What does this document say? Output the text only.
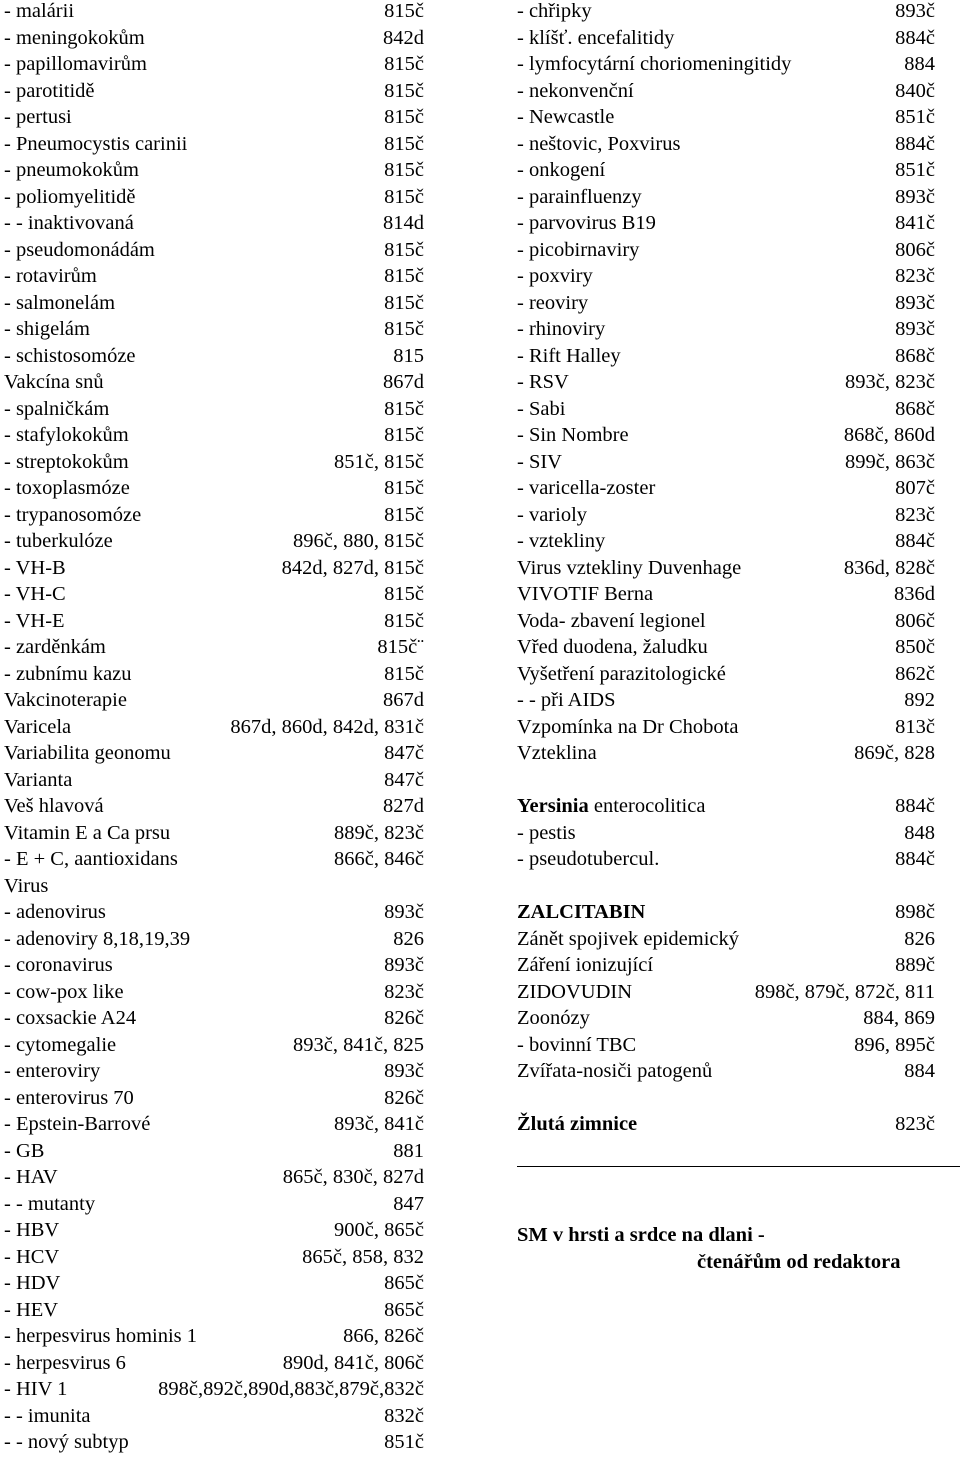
- malárii	815č
- meningokokům	842d
- papillomavirům	815č
- parotitidě	815č
- pertusi	815č
- Pneumocystis carinii	815č
- pneumokokům	815č
- poliomyelitidě	815č
- - inaktivovaná	814d
- pseudomonádám	815č
- rotavirům	815č
- salmonelám	815č
- shigelám	815č
- schistosomóze	815
Vakcína snů	867d
- spalničkám	815č
- stafylokokům	815č
- streptokokům	851č, 815č
- toxoplasmóze	815č
- trypanosomóze	815č
- tuberkulóze	896č, 880, 815č
- VH-B	842d, 827d, 815č
- VH-C	815č
- VH-E	815č
- zarděnkám	815č¨
- zubnímu kazu	815č
Vakcinoterapie	867d
Varicela	867d, 860d, 842d, 831č
Variabilita geonomu	847č
Varianta	847č
Veš hlavová	827d
Vitamin E a Ca prsu	889č, 823č
- E + C, aantioxidans	866č, 846č
Virus
- adenovirus	893č
- adenoviry 8,18,19,39	826
- coronavirus	893č
- cow-pox like	823č
- coxsackie A24	826č
- cytomegalie	893č, 841č, 825
- enteroviry	893č
- enterovirus 70	826č
- Epstein-Barrové	893č, 841č
- GB	881
- HAV	865č, 830č, 827d
- - mutanty	847
- HBV	900č, 865č
- HCV	865č, 858, 832
- HDV	865č
- HEV	865č
- herpesvirus hominis 1	866, 826č
- herpesvirus 6	890d, 841č, 806č
- HIV 1	898č,892č,890d,883č,879č,832č
- - imunita	832č
- - nový subtyp	851č
- chřipky	893č
- klíšť. encefalitidy	884č
- lymfocytární choriomeningitidy	884
- nekonvenční	840č
- Newcastle	851č
- neštovic, Poxvirus	884č
- onkogení	851č
- parainfluenzy	893č
- parvovirus B19	841č
- picobirnaviry	806č
- poxviry	823č
- reoviry	893č
- rhinoviry	893č
- Rift Halley	868č
- RSV	893č, 823č
- Sabi	868č
- Sin Nombre	868č, 860d
- SIV	899č, 863č
- varicella-zoster	807č
- varioly	823č
- vztekliny	884č
Virus vztekliny Duvenhage	836d, 828č
VIVOTIF Berna	836d
Voda- zbavení legionel	806č
Vřed duodena, žaludku	850č
Vyšetření parazitologické	862č
- - při AIDS	892
Vzpomínka na Dr Chobota	813č
Vzteklina	869č, 828
Yersinia enterocolitica	884č
- pestis	848
- pseudotubercul.	884č
ZALCITABIN	898č
Zánět spojivek epidemický	826
Záření ionizující	889č
ZIDOVUDIN	898č, 879č, 872č, 811
Zoonózy	884, 869
- bovinní TBC	896, 895č
Zvířata-nosiči patogenů	884
Žlutá zimnice	823č
SM v hrsti a srdce na dlani -
čtenářům od redaktora
